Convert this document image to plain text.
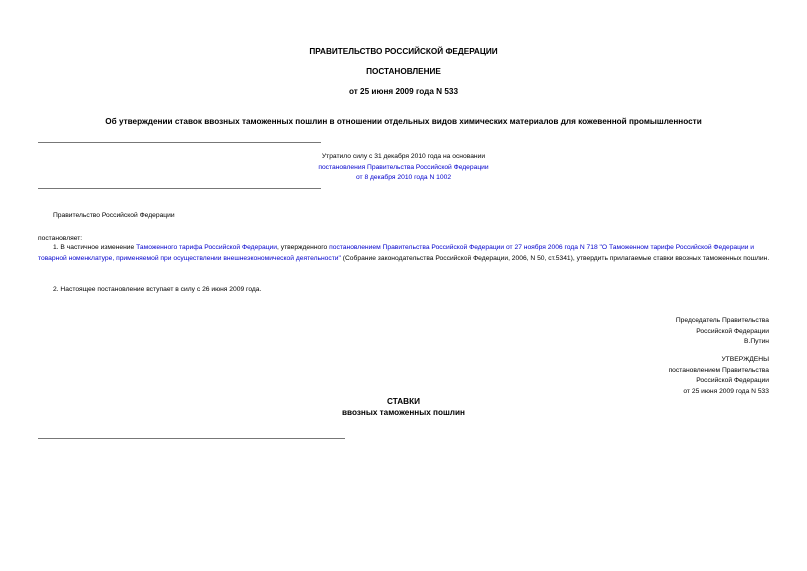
ПРАВИТЕЛЬСТВО РОССИЙСКОЙ ФЕДЕРАЦИИ
ПОСТАНОВЛЕНИЕ
от 25 июня 2009 года N 533
Об утверждении ставок ввозных таможенных пошлин в отношении отдельных видов химических материалов для кожевенной промышленности
Утратило силу с 31 декабря 2010 года на основании
постановления Правительства Российской Федерации
от 8 декабря 2010 года N 1002
Правительство Российской Федерации
постановляет:
1. В частичное изменение Таможенного тарифа Российской Федерации, утвержденного постановлением Правительства Российской Федерации от 27 ноября 2006 года N 718 "О Таможенном тарифе Российской Федерации и товарной номенклатуре, применяемой при осуществлении внешнеэкономической деятельности" (Собрание законодательства Российской Федерации, 2006, N 50, ст.5341), утвердить прилагаемые ставки ввозных таможенных пошлин.
2. Настоящее постановление вступает в силу с 26 июня 2009 года.
Председатель Правительства
Российской Федерации
В.Путин
УТВЕРЖДЕНЫ
постановлением Правительства
Российской Федерации
от 25 июня 2009 года N 533
СТАВКИ
ввозных таможенных пошлин
